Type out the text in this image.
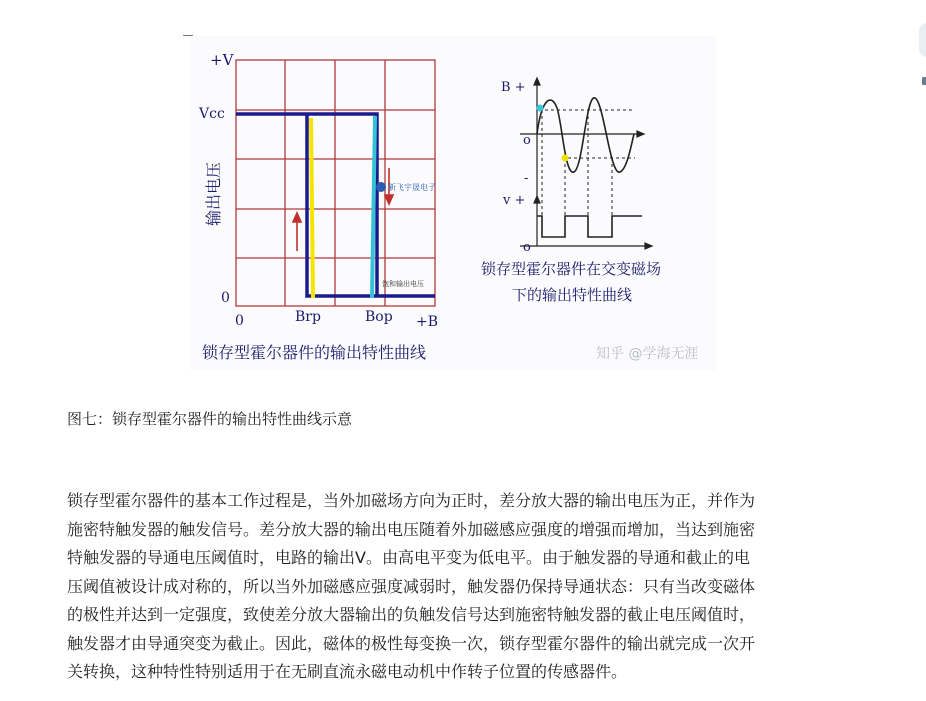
新飞宇晟电子
饱和输出电压
+V
Vcc
输出电压
0
0	Brp	Bop +B
锁存型霍尔器件的输出特性曲线
B +
o
-
v +
o
锁存型霍尔器件在交变磁场
下的输出特性曲线
知乎 @学海无涯
图七：锁存型霍尔器件的输出特性曲线示意

锁存型霍尔器件的基本工作过程是，当外加磁场方向为正时，差分放大器的输出电压为正，并作为
施密特触发器的触发信号。差分放大器的输出电压随着外加磁感应强度的增强而增加，当达到施密
特触发器的导通电压阈值时，电路的输出V。由高电平变为低电平。由于触发器的导通和截止的电
压阈值被设计成对称的，所以当外加磁感应强度减弱时，触发器仍保持导通状态：只有当改变磁体
的极性并达到一定强度，致使差分放大器输出的负触发信号达到施密特触发器的截止电压阈值时，
触发器才由导通突变为截止。因此，磁体的极性每变换一次，锁存型霍尔器件的输出就完成一次开
关转换，这种特性特别适用于在无刷直流永磁电动机中作转子位置的传感器件。
